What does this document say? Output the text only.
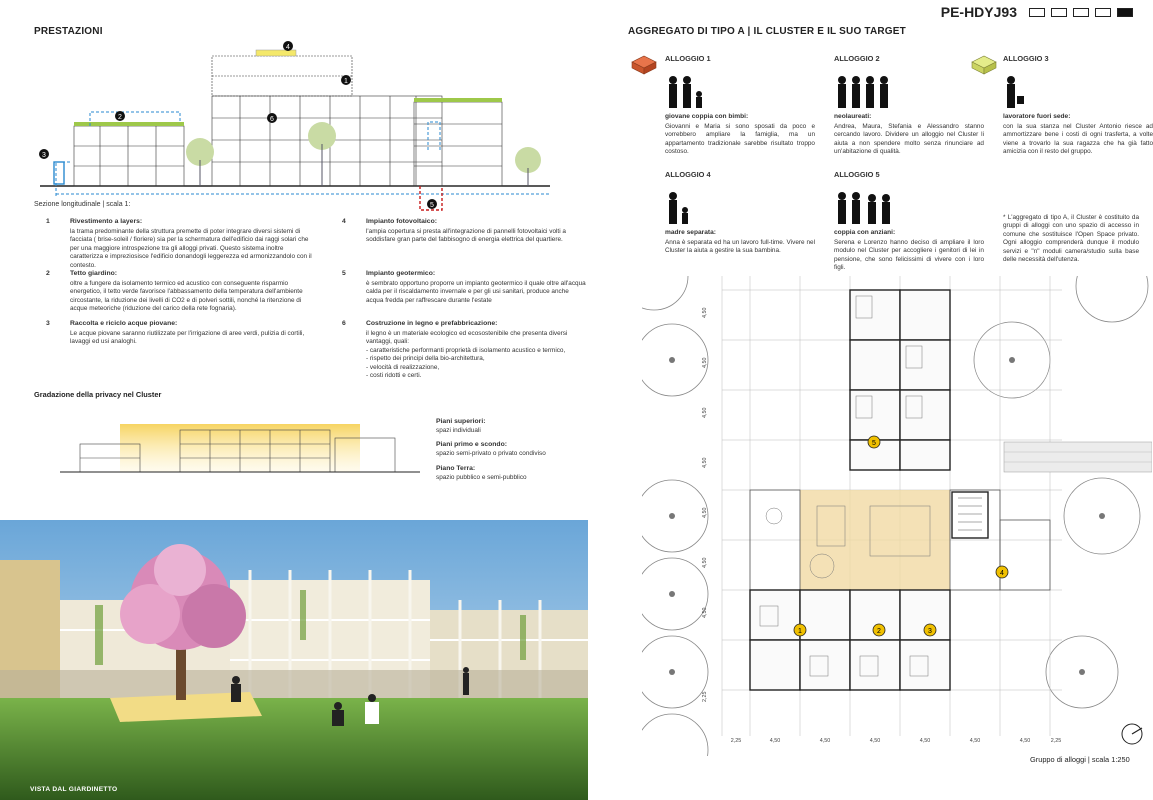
PE-HDYJ93
PRESTAZIONI
1
2
3
4
5
6
Sezione longitudinale | scala 1:
1	Rivestimento a layers:
la trama predominante della struttura premette di poter integrare diversi sistemi di facciata ( brise-soleil / fioriere) sia per la schermatura dell'edificio dai raggi solari che per una maggiore introspezione tra gli alloggi privati. Questo sistema inoltre caratterizza e impreziosisce l'edificio donandogli leggerezza ed armonizzandolo con il contesto.
2	Tetto giardino:
oltre a fungere da isolamento termico ed acustico con conseguente risparmio energetico, il tetto verde favorisce l'abbassamento della temperatura dell'ambiente circostante, la riduzione dei livelli di CO2 e di polveri sottili, nonché la ritenzione di acque meteoriche (riduzione del carico della rete fognaria).
3	Raccolta e riciclo acque piovane:
Le acque piovane saranno riutilizzate per l'irrigazione di aree verdi, pulizia di cortili, lavaggi ed usi analoghi.
4	Impianto fotovoltaico:
l'ampia copertura si presta all'integrazione di pannelli fotovoltaici volti a soddisfare gran parte del fabbisogno di energia elettrica del quartiere.
5	Impianto geotermico:
è sembrato opportuno proporre un impianto geotermico il quale oltre all'acqua calda per il riscaldamento invernale e per gli usi sanitari, produce anche acqua fredda per raffrescare durante l'estate
6	Costruzione in legno e prefabbricazione:
il legno è un materiale ecologico ed ecosostenibile che presenta diversi vantaggi, quali:
- caratteristiche performanti proprietà di isolamento acustico e termico,
- rispetto dei principi della bio-architettura,
- velocità di realizzazione,
- costi ridotti e certi.
Gradazione della privacy nel Cluster
Piani superiori:
spazi individuali
Piani primo e scondo:
spazio semi-privato o privato condiviso
Piano Terra:
spazio pubblico e semi-pubblico
VISTA DAL GIARDINETTO
AGGREGATO DI TIPO A | IL CLUSTER E IL SUO TARGET
ALLOGGIO 1
giovane coppia con bimbi:
Giovanni e Maria si sono sposati da poco e vorrebbero ampliare la famiglia, ma un appartamento tradizionale sarebbe risultato troppo costoso.
ALLOGGIO 2
neolaureati:
Andrea, Maura, Stefania e Alessandro stanno cercando lavoro. Dividere un alloggio nel Cluster li aiuta a non spendere molto senza rinunciare ad un'abitazione di qualità.
ALLOGGIO 3
lavoratore fuori sede:
con la sua stanza nel Cluster Antonio riesce ad ammortizzare bene i costi di ogni trasferta, a volte viene a trovarlo la sua ragazza che ha già fatto amicizia con il resto del gruppo.
ALLOGGIO 4
madre separata:
Anna è separata ed ha un lavoro full-time. Vivere nel Cluster la aiuta a gestire la sua bambina.
ALLOGGIO 5
coppia con anziani:
Serena e Lorenzo hanno deciso di ampliare il loro modulo nel Cluster per accogliere i genitori di lei in pensione, che sono felicissimi di vivere con i loro figli.
* L'aggregato di tipo A, il Cluster è costituito da gruppi di alloggi con uno spazio di accesso in comune che sostituisce l'Open Space privato. Ogni alloggio comprenderà dunque il modulo servizi e "n" moduli camera/studio sulla base delle necessità dell'utenza.
1	2	3
4
5
2,25	4,50	4,50	4,50	4,50	4,50	4,50	2,25
4,50
4,50
4,50
4,50
4,50
4,50
4,50
2,25
Gruppo di alloggi | scala 1:250
